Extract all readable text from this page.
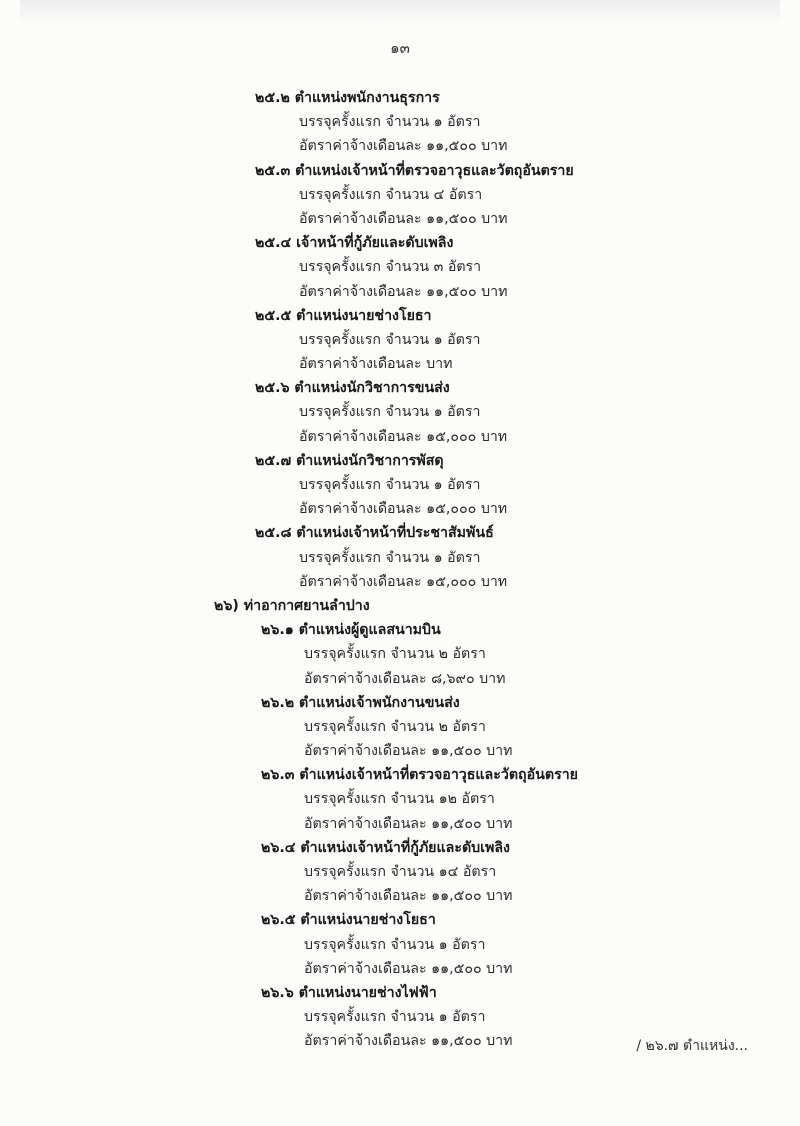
๑๓
๒๕.๒ ตำแหน่งพนักงานธุรการ
บรรจุครั้งแรก จำนวน ๑ อัตรา
อัตราค่าจ้างเดือนละ ๑๑,๕๐๐ บาท
๒๕.๓ ตำแหน่งเจ้าหน้าที่ตรวจอาวุธและวัตถุอันตราย
บรรจุครั้งแรก จำนวน ๔ อัตรา
อัตราค่าจ้างเดือนละ ๑๑,๕๐๐ บาท
๒๕.๔ เจ้าหน้าที่กู้ภัยและดับเพลิง
บรรจุครั้งแรก จำนวน ๓ อัตรา
อัตราค่าจ้างเดือนละ ๑๑,๕๐๐ บาท
๒๕.๕ ตำแหน่งนายช่างโยธา
บรรจุครั้งแรก จำนวน ๑ อัตรา
อัตราค่าจ้างเดือนละ บาท
๒๕.๖ ตำแหน่งนักวิชาการขนส่ง
บรรจุครั้งแรก จำนวน ๑ อัตรา
อัตราค่าจ้างเดือนละ ๑๕,๐๐๐ บาท
๒๕.๗ ตำแหน่งนักวิชาการพัสดุ
บรรจุครั้งแรก จำนวน ๑ อัตรา
อัตราค่าจ้างเดือนละ ๑๕,๐๐๐ บาท
๒๕.๘ ตำแหน่งเจ้าหน้าที่ประชาสัมพันธ์
บรรจุครั้งแรก จำนวน ๑ อัตรา
อัตราค่าจ้างเดือนละ ๑๕,๐๐๐ บาท
๒๖) ท่าอากาศยานลำปาง
๒๖.๑ ตำแหน่งผู้ดูแลสนามบิน
บรรจุครั้งแรก จำนวน ๒ อัตรา
อัตราค่าจ้างเดือนละ ๘,๖๙๐ บาท
๒๖.๒ ตำแหน่งเจ้าพนักงานขนส่ง
บรรจุครั้งแรก จำนวน ๒ อัตรา
อัตราค่าจ้างเดือนละ ๑๑,๕๐๐ บาท
๒๖.๓ ตำแหน่งเจ้าหน้าที่ตรวจอาวุธและวัตถุอันตราย
บรรจุครั้งแรก จำนวน ๑๒ อัตรา
อัตราค่าจ้างเดือนละ ๑๑,๕๐๐ บาท
๒๖.๔ ตำแหน่งเจ้าหน้าที่กู้ภัยและดับเพลิง
บรรจุครั้งแรก จำนวน ๑๔ อัตรา
อัตราค่าจ้างเดือนละ ๑๑,๕๐๐ บาท
๒๖.๕ ตำแหน่งนายช่างโยธา
บรรจุครั้งแรก จำนวน ๑ อัตรา
อัตราค่าจ้างเดือนละ ๑๑,๕๐๐ บาท
๒๖.๖ ตำแหน่งนายช่างไฟฟ้า
บรรจุครั้งแรก จำนวน ๑ อัตรา
อัตราค่าจ้างเดือนละ ๑๑,๕๐๐ บาท	/ ๒๖.๗ ตำแหน่ง...
